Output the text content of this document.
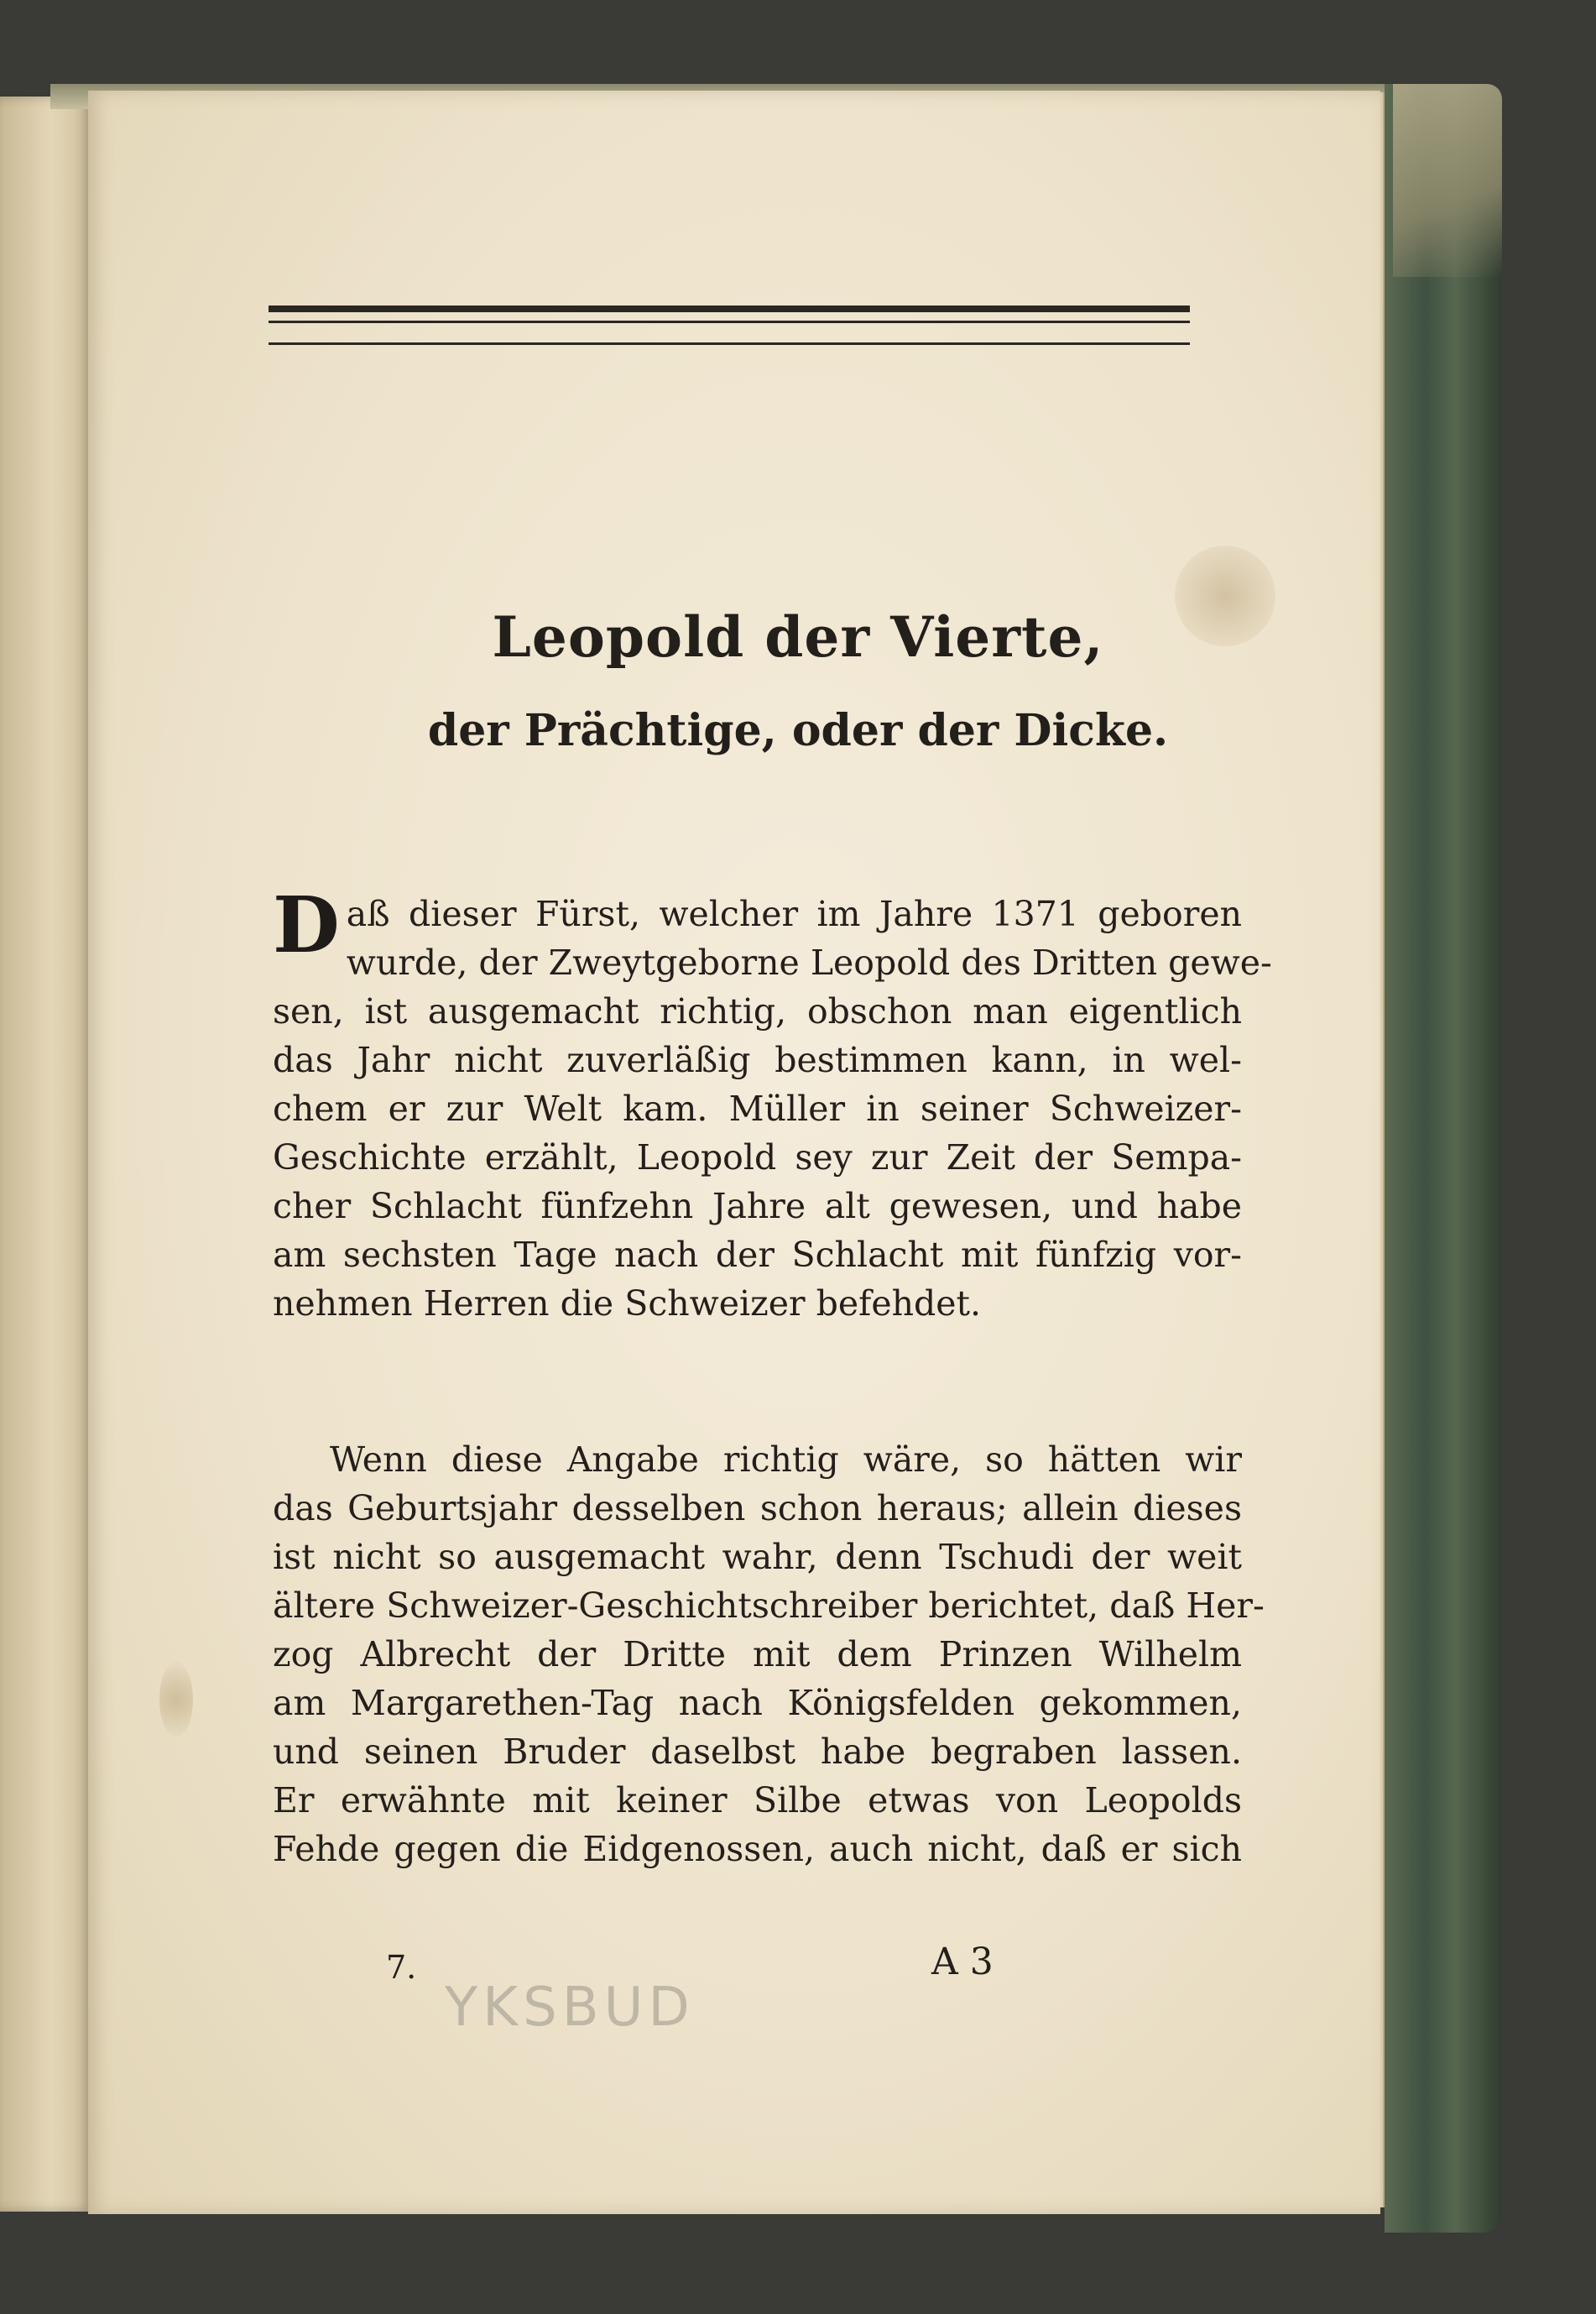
Leopold der Vierte,
der Prächtige, oder der Dicke.
D aß dieser Fürst, welcher im Jahre 1371 geboren
wurde, der Zweytgeborne Leopold des Dritten gewe-
sen, ist ausgemacht richtig, obschon man eigentlich
das Jahr nicht zuverläßig bestimmen kann, in wel-
chem er zur Welt kam. Müller in seiner Schweizer-
Geschichte erzählt, Leopold sey zur Zeit der Sempa-
cher Schlacht fünfzehn Jahre alt gewesen, und habe
am sechsten Tage nach der Schlacht mit fünfzig vor-
nehmen Herren die Schweizer befehdet.
Wenn diese Angabe richtig wäre, so hätten wir
das Geburtsjahr desselben schon heraus; allein dieses
ist nicht so ausgemacht wahr, denn Tschudi der weit
ältere Schweizer-Geschichtschreiber berichtet, daß Her-
zog Albrecht der Dritte mit dem Prinzen Wilhelm
am Margarethen-Tag nach Königsfelden gekommen,
und seinen Bruder daselbst habe begraben lassen.
Er erwähnte mit keiner Silbe etwas von Leopolds
Fehde gegen die Eidgenossen, auch nicht, daß er sich
7.	A 3
YKSBUD
